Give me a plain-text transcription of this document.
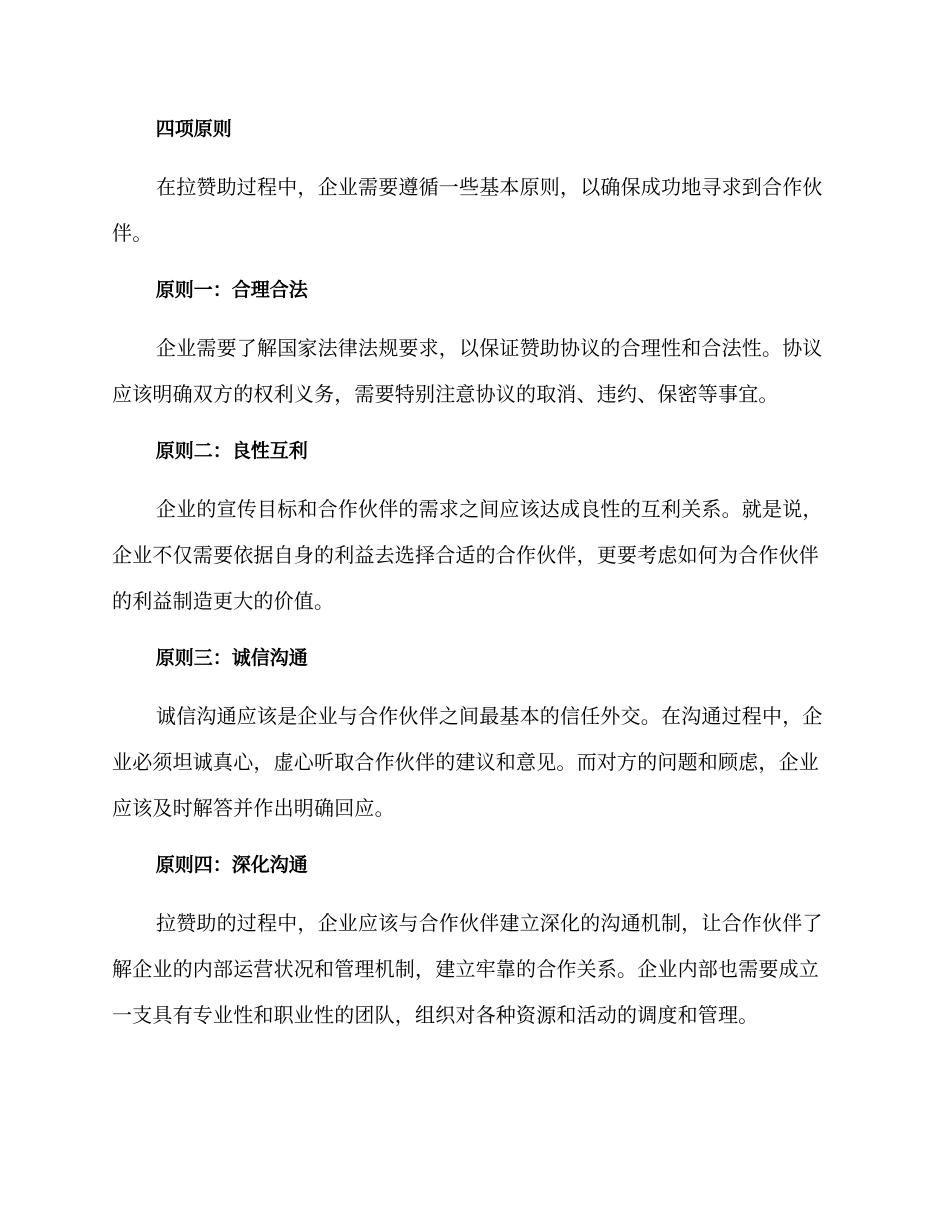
四项原则

在拉赞助过程中，企业需要遵循一些基本原则，以确保成功地寻求到合作伙伴。

原则一：合理合法

企业需要了解国家法律法规要求，以保证赞助协议的合理性和合法性。协议应该明确双方的权利义务，需要特别注意协议的取消、违约、保密等事宜。

原则二：良性互利

企业的宣传目标和合作伙伴的需求之间应该达成良性的互利关系。就是说，企业不仅需要依据自身的利益去选择合适的合作伙伴，更要考虑如何为合作伙伴的利益制造更大的价值。

原则三：诚信沟通

诚信沟通应该是企业与合作伙伴之间最基本的信任外交。在沟通过程中，企业必须坦诚真心，虚心听取合作伙伴的建议和意见。而对方的问题和顾虑，企业应该及时解答并作出明确回应。

原则四：深化沟通

拉赞助的过程中，企业应该与合作伙伴建立深化的沟通机制，让合作伙伴了解企业的内部运营状况和管理机制，建立牢靠的合作关系。企业内部也需要成立一支具有专业性和职业性的团队，组织对各种资源和活动的调度和管理。
